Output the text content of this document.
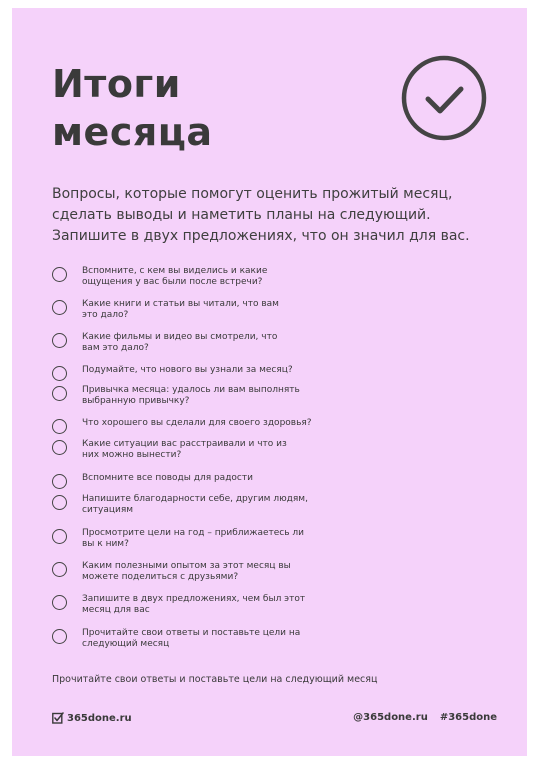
Итоги
месяца

Вопросы, которые помогут оценить прожитый месяц,
сделать выводы и наметить планы на следующий.
Запишите в двух предложениях, что он значил для вас.

Вспомните, с кем вы виделись и какие
ощущения у вас были после встречи?
Какие книги и статьи вы читали, что вам
это дало?
Какие фильмы и видео вы смотрели, что
вам это дало?
Подумайте, что нового вы узнали за месяц?
Привычка месяца: удалось ли вам выполнять
выбранную привычку?
Что хорошего вы сделали для своего здоровья?
Какие ситуации вас расстраивали и что из
них можно вынести?
Вспомните все поводы для радости
Напишите благодарности себе, другим людям,
ситуациям
Просмотрите цели на год – приближаетесь ли
вы к ним?
Каким полезными опытом за этот месяц вы
можете поделиться с друзьями?
Запишите в двух предложениях, чем был этот
месяц для вас
Прочитайте свои ответы и поставьте цели на
следующий месяц

Прочитайте свои ответы и поставьте цели на следующий месяц

365done.ru	@365done.ru #365done
